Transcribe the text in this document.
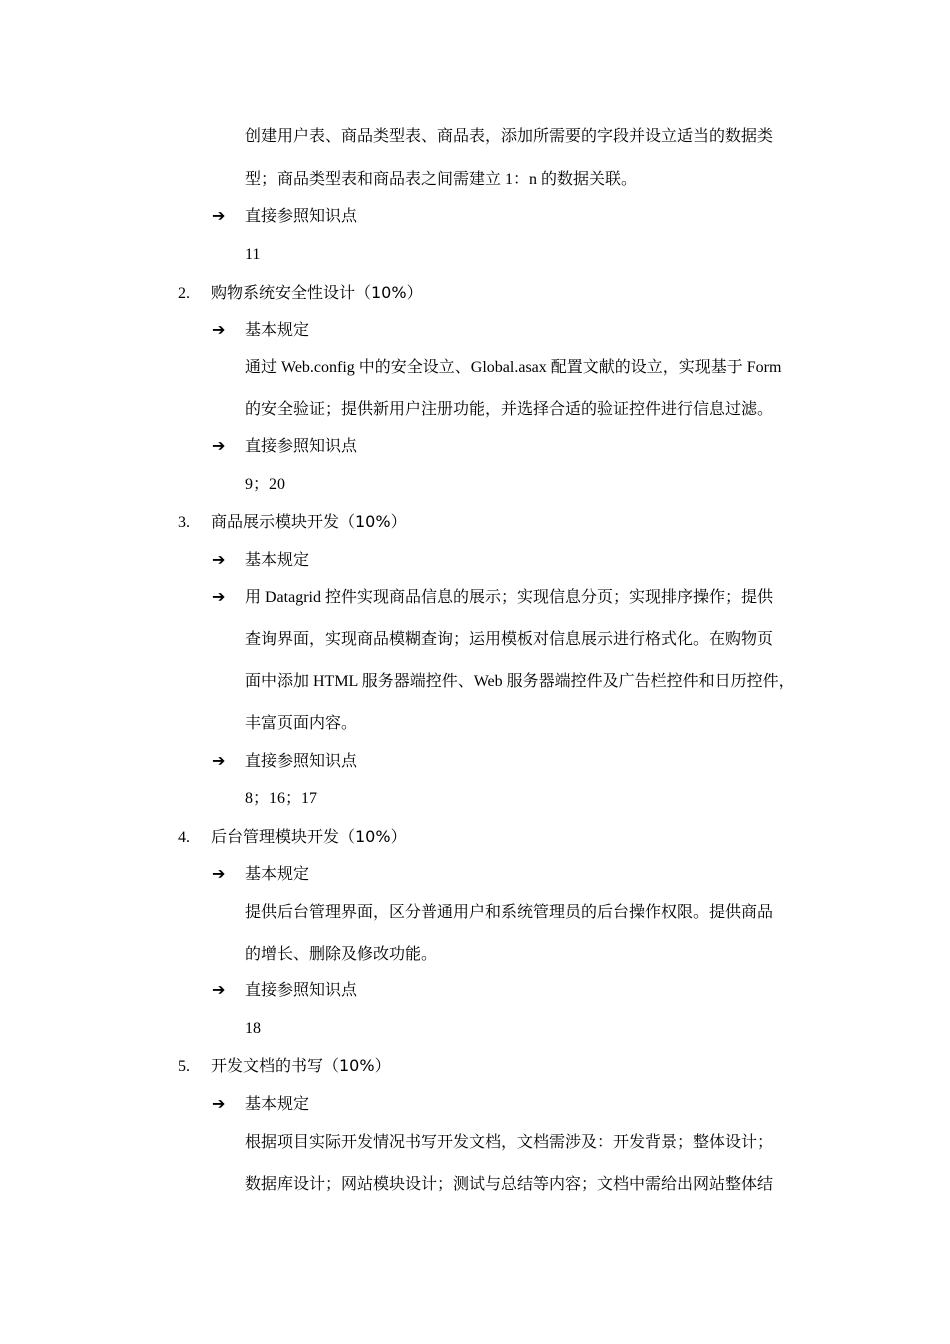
创建用户表、商品类型表、商品表，添加所需要的字段并设立适当的数据类
型；商品类型表和商品表之间需建立 1：n 的数据关联。
➔ 直接参照知识点
11
2. 购物系统安全性设计（10%）
➔ 基本规定
通过 Web.config 中的安全设立、Global.asax 配置文献的设立，实现基于 Form
的安全验证；提供新用户注册功能，并选择合适的验证控件进行信息过滤。
➔ 直接参照知识点
9；20
3. 商品展示模块开发（10%）
➔ 基本规定
➔ 用 Datagrid 控件实现商品信息的展示；实现信息分页；实现排序操作；提供
查询界面，实现商品模糊查询；运用模板对信息展示进行格式化。在购物页
面中添加 HTML 服务器端控件、Web 服务器端控件及广告栏控件和日历控件，
丰富页面内容。
➔ 直接参照知识点
8；16；17
4. 后台管理模块开发（10%）
➔ 基本规定
提供后台管理界面，区分普通用户和系统管理员的后台操作权限。提供商品
的增长、删除及修改功能。
➔ 直接参照知识点
18
5. 开发文档的书写（10%）
➔ 基本规定
根据项目实际开发情况书写开发文档，文档需涉及：开发背景；整体设计；
数据库设计；网站模块设计；测试与总结等内容；文档中需给出网站整体结
